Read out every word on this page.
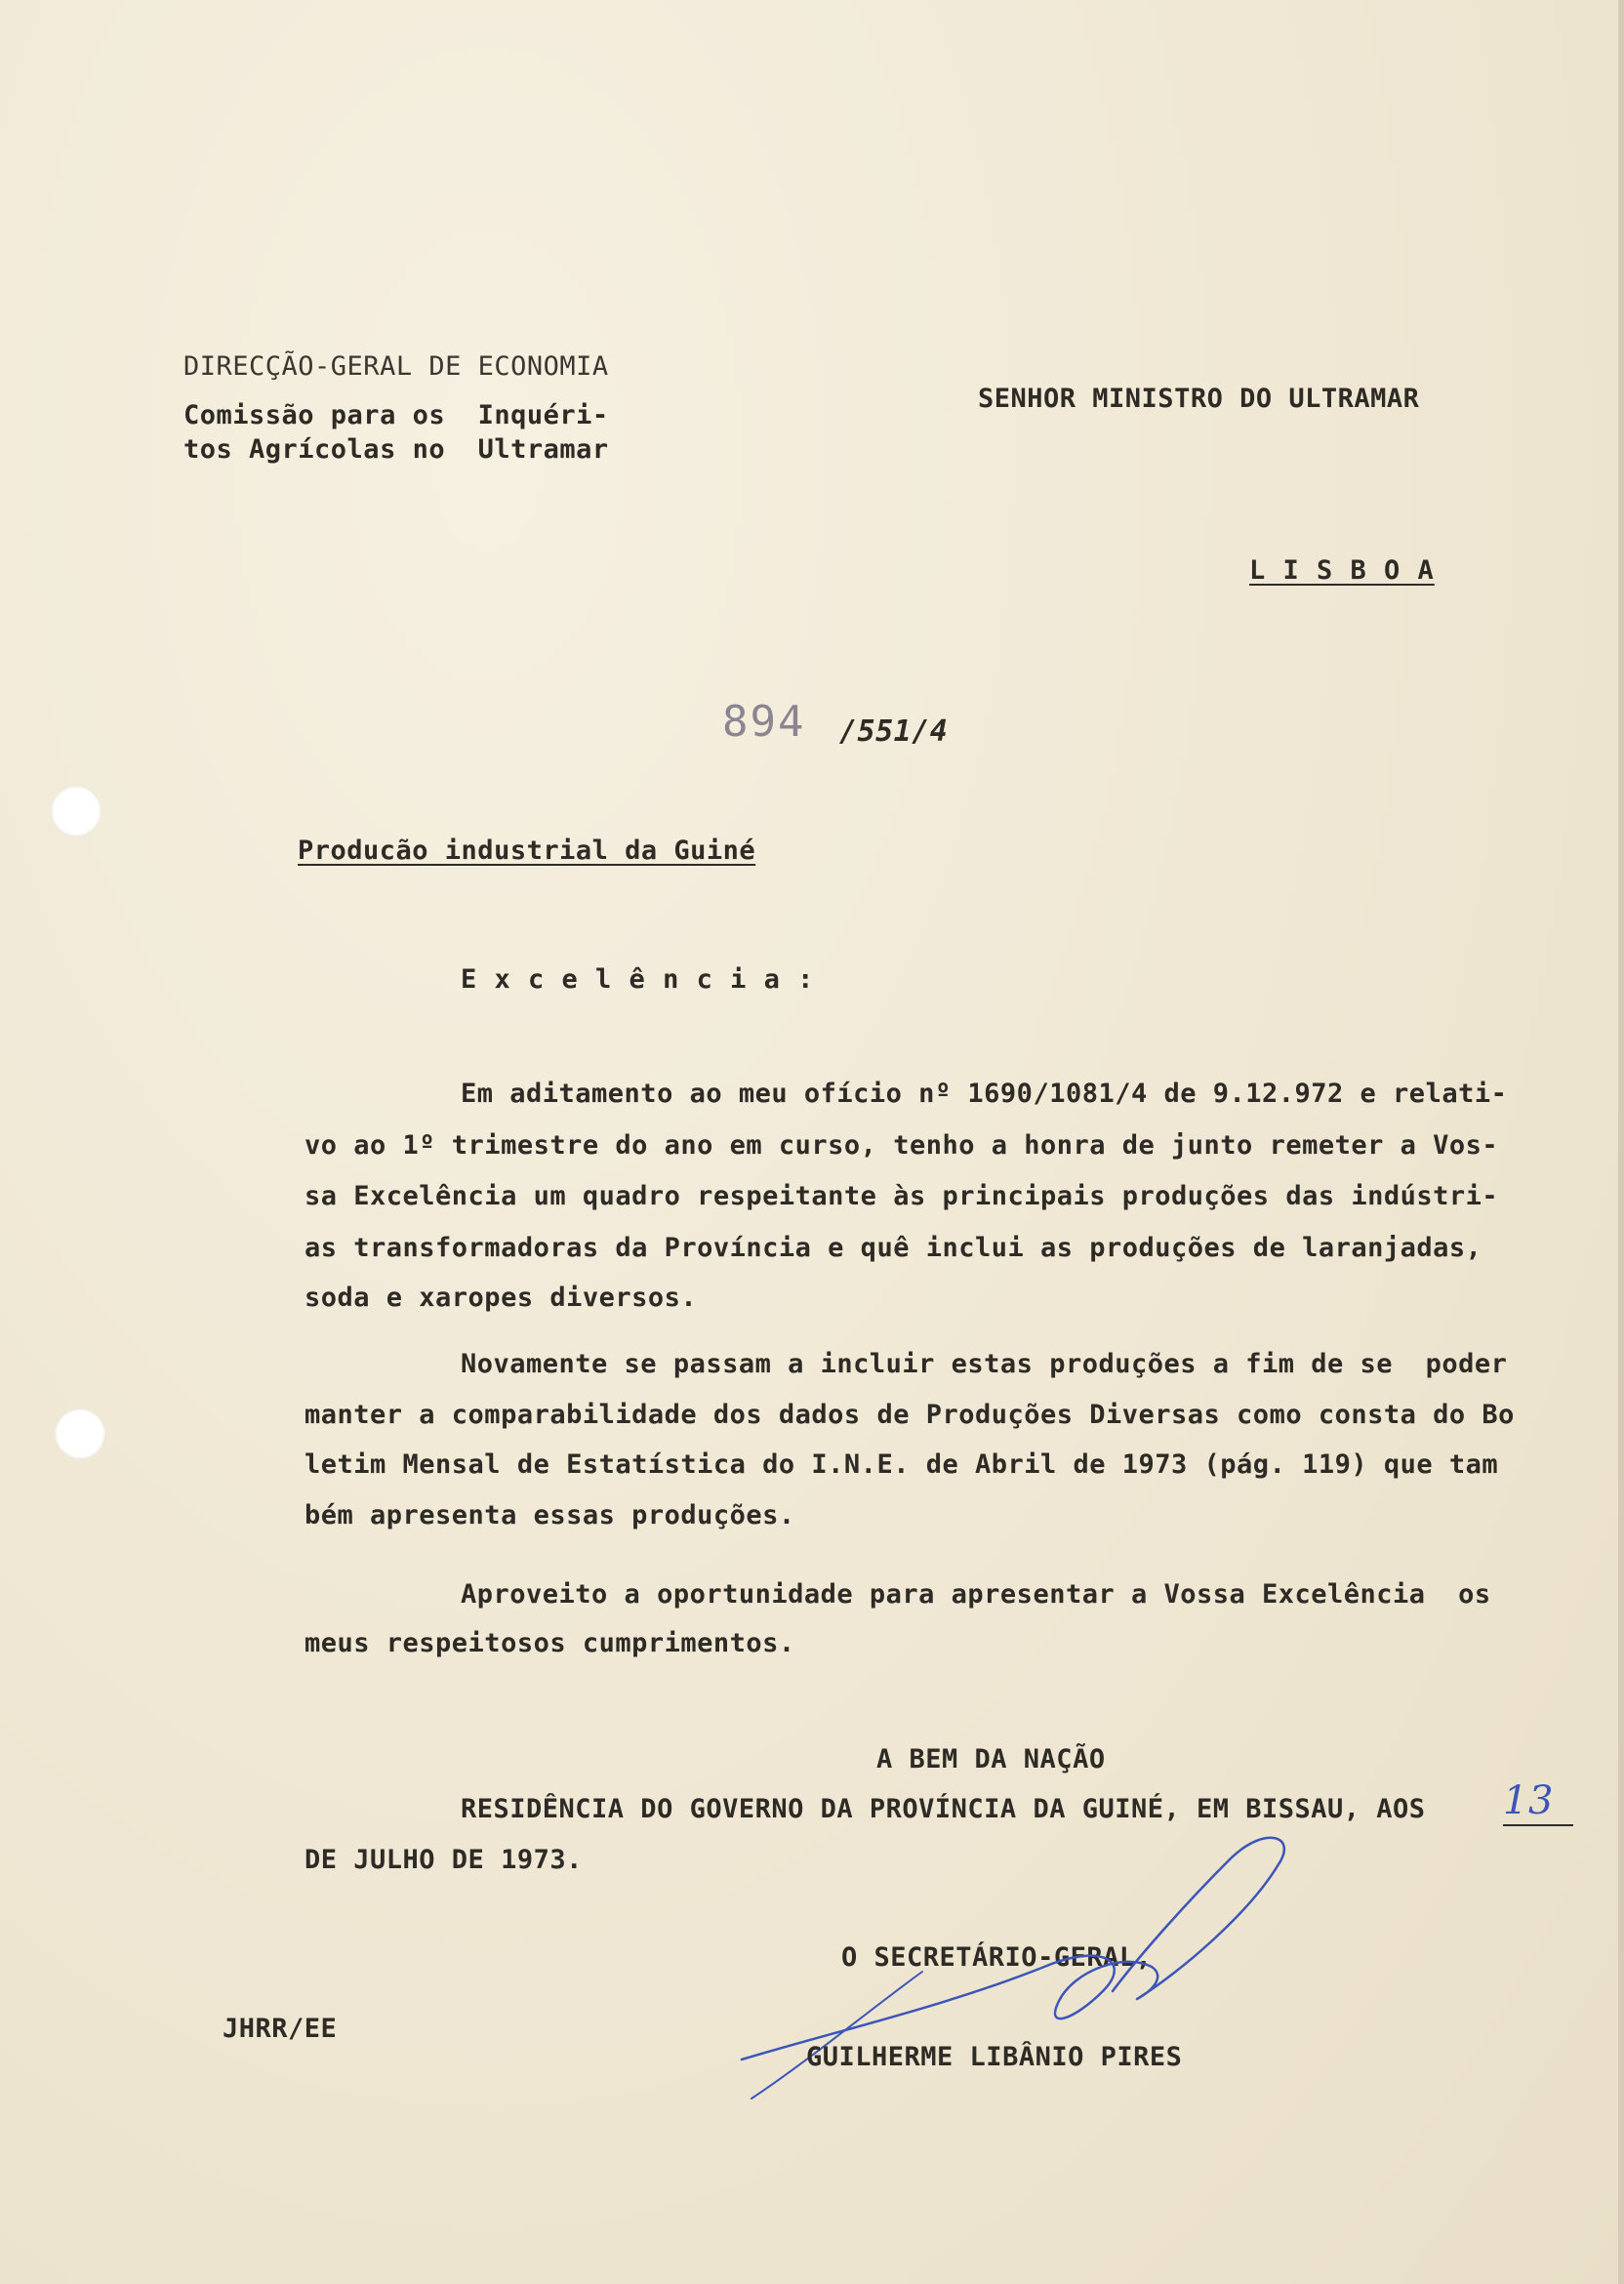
DIRECÇÃO-GERAL DE ECONOMIA
Comissão para os  Inquéri-
tos Agrícolas no  Ultramar
SENHOR MINISTRO DO ULTRAMAR
L I S B O A
894 /551/4
Producão industrial da Guiné
E x c e l ê n c i a :
Em aditamento ao meu ofício nº 1690/1081/4 de 9.12.972 e relati-
vo ao 1º trimestre do ano em curso, tenho a honra de junto remeter a Vos-
sa Excelência um quadro respeitante às principais produções das indústri-
as transformadoras da Província e quê inclui as produções de laranjadas,
soda e xaropes diversos.
Novamente se passam a incluir estas produções a fim de se  poder
manter a comparabilidade dos dados de Produções Diversas como consta do Bo
letim Mensal de Estatística do I.N.E. de Abril de 1973 (pág. 119) que tam
bém apresenta essas produções.
Aproveito a oportunidade para apresentar a Vossa Excelência  os
meus respeitosos cumprimentos.
A BEM DA NAÇÃO
RESIDÊNCIA DO GOVERNO DA PROVÍNCIA DA GUINÉ, EM BISSAU, AOS 13
DE JULHO DE 1973.
O SECRETÁRIO-GERAL,
GUILHERME LIBÂNIO PIRES
JHRR/EE
